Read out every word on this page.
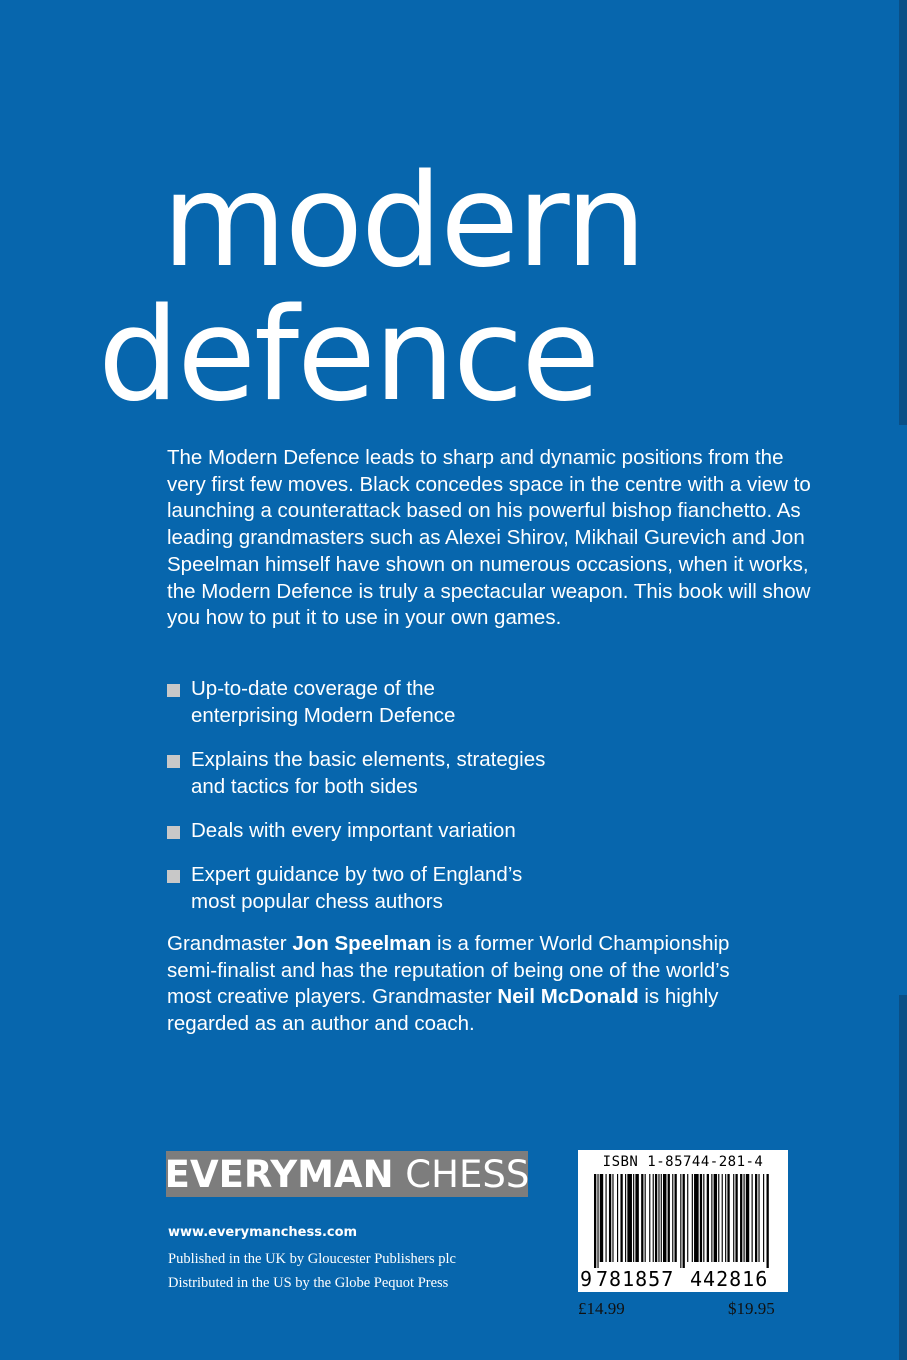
modern
defence

The Modern Defence leads to sharp and dynamic positions from the very first few moves. Black concedes space in the centre with a view to launching a counterattack based on his powerful bishop fianchetto. As leading grandmasters such as Alexei Shirov, Mikhail Gurevich and Jon Speelman himself have shown on numerous occasions, when it works, the Modern Defence is truly a spectacular weapon. This book will show you how to put it to use in your own games.

Up-to-date coverage of the
enterprising Modern Defence
Explains the basic elements, strategies
and tactics for both sides
Deals with every important variation
Expert guidance by two of England’s
most popular chess authors

Grandmaster Jon Speelman is a former World Championship semi-finalist and has the reputation of being one of the world’s most creative players. Grandmaster Neil McDonald is highly regarded as an author and coach.

EVERYMAN CHESS

www.everymanchess.com

Published in the UK by Gloucester Publishers plc

Distributed in the US by the Globe Pequot Press

ISBN 1-85744-281-4
9 781857 442816

£14.99	$19.95
